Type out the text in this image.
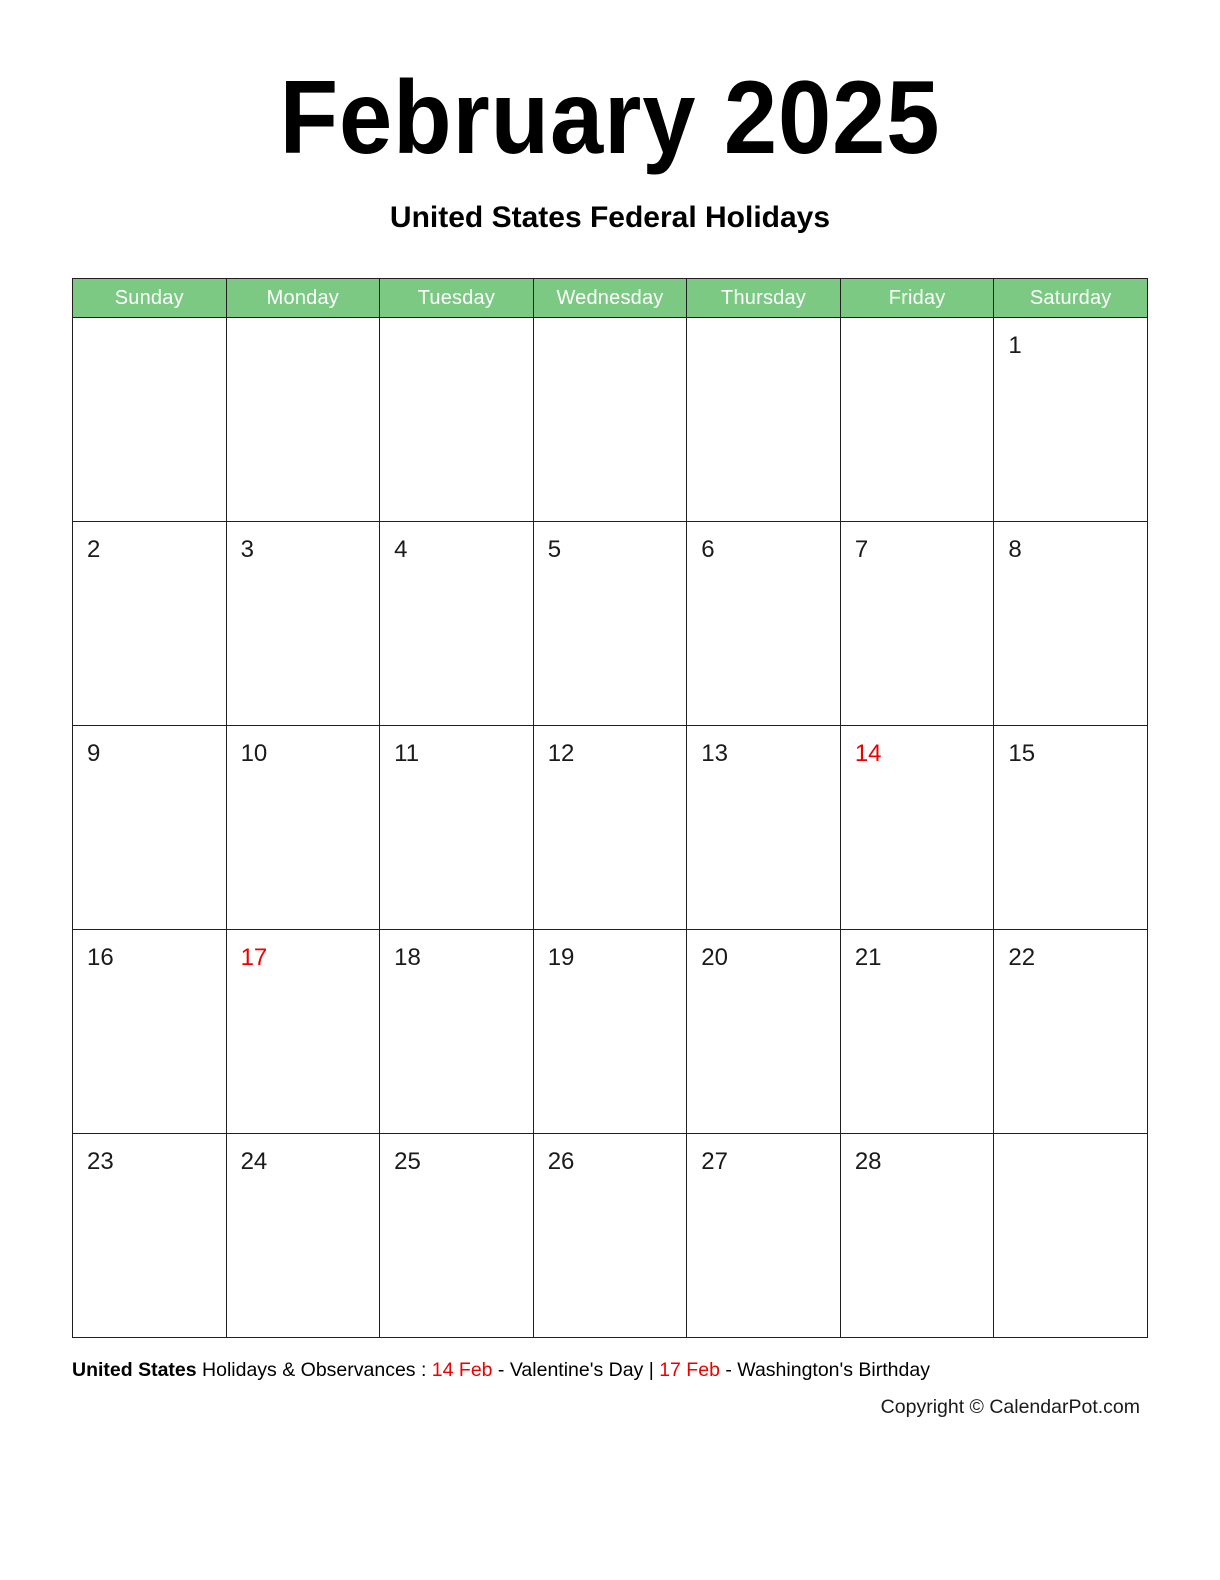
February 2025
United States Federal Holidays
Sunday	Monday	Tuesday	Wednesday	Thursday	Friday	Saturday

						1

2	3	4	5	6	7	8

9	10	11	12	13	14	15

16	17	18	19	20	21	22

23	24	25	26	27	28	

United States Holidays & Observances : 14 Feb - Valentine's Day | 17 Feb - Washington's Birthday
Copyright © CalendarPot.com
